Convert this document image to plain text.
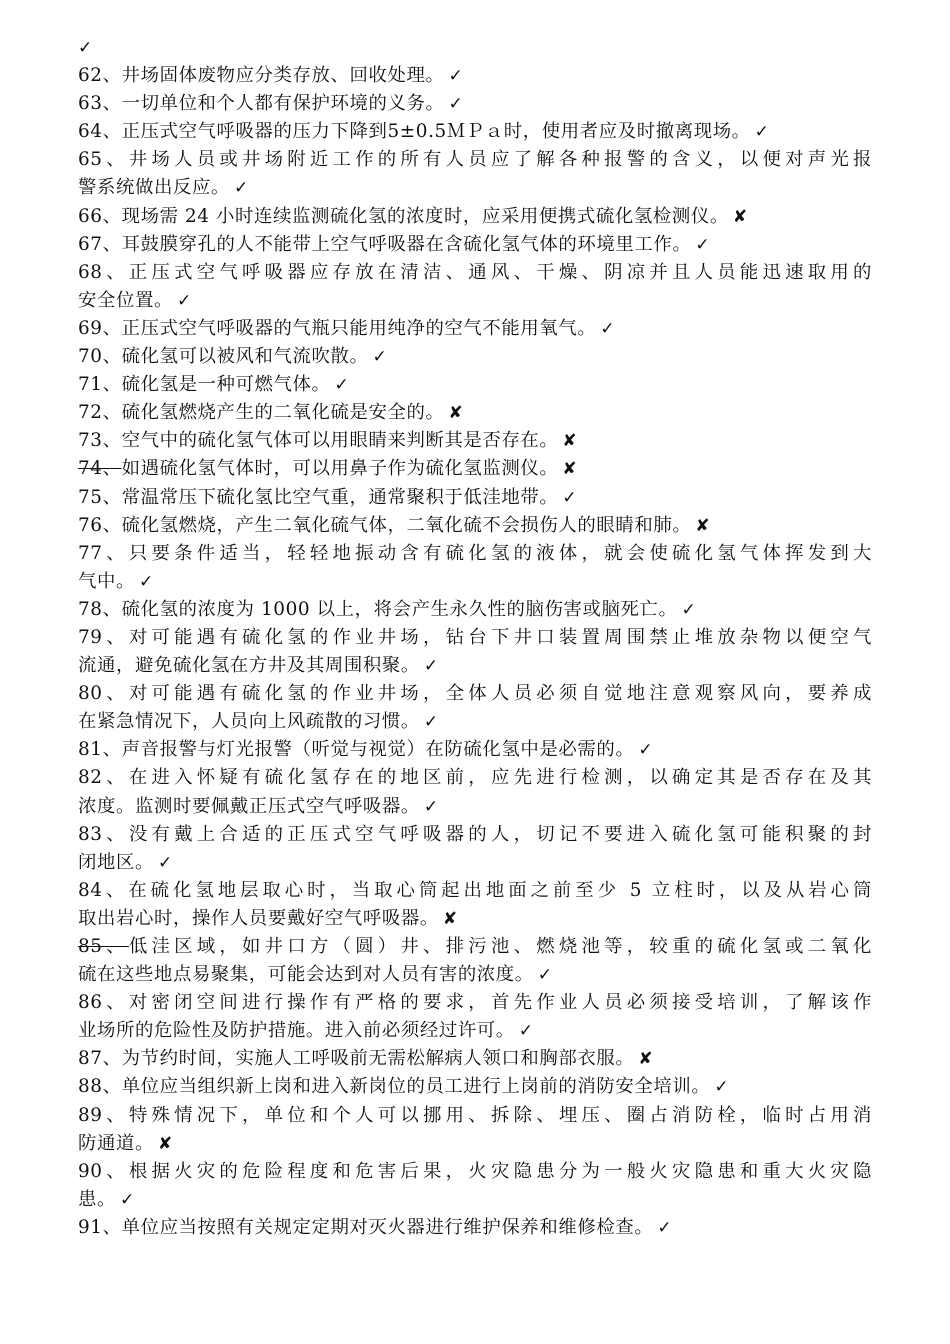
✓
62、井场固体废物应分类存放、回收处理。 ✓
63、一切单位和个人都有保护环境的义务。 ✓
64、正压式空气呼吸器的压力下降到5±0.5ＭＰａ时，使用者应及时撤离现场。 ✓
65、井场人员或井场附近工作的所有人员应了解各种报警的含义，以便对声光报
警系统做出反应。 ✓
66、现场需 24 小时连续监测硫化氢的浓度时，应采用便携式硫化氢检测仪。 ✘
67、耳鼓膜穿孔的人不能带上空气呼吸器在含硫化氢气体的环境里工作。 ✓
68、正压式空气呼吸器应存放在清洁、通风、干燥、阴凉并且人员能迅速取用的
安全位置。 ✓
69、正压式空气呼吸器的气瓶只能用纯净的空气不能用氧气。 ✓
70、硫化氢可以被风和气流吹散。 ✓
71、硫化氢是一种可燃气体。 ✓
72、硫化氢燃烧产生的二氧化硫是安全的。 ✘
73、空气中的硫化氢气体可以用眼睛来判断其是否存在。 ✘
74、如遇硫化氢气体时，可以用鼻子作为硫化氢监测仪。 ✘
75、常温常压下硫化氢比空气重，通常聚积于低洼地带。 ✓
76、硫化氢燃烧，产生二氧化硫气体，二氧化硫不会损伤人的眼睛和肺。 ✘
77、只要条件适当，轻轻地振动含有硫化氢的液体，就会使硫化氢气体挥发到大
气中。 ✓
78、硫化氢的浓度为 1000 以上，将会产生永久性的脑伤害或脑死亡。 ✓
79、对可能遇有硫化氢的作业井场，钻台下井口装置周围禁止堆放杂物以便空气
流通，避免硫化氢在方井及其周围积聚。 ✓
80、对可能遇有硫化氢的作业井场，全体人员必须自觉地注意观察风向，要养成
在紧急情况下，人员向上风疏散的习惯。 ✓
81、声音报警与灯光报警（听觉与视觉）在防硫化氢中是必需的。 ✓
82、在进入怀疑有硫化氢存在的地区前，应先进行检测，以确定其是否存在及其
浓度。监测时要佩戴正压式空气呼吸器。 ✓
83、没有戴上合适的正压式空气呼吸器的人，切记不要进入硫化氢可能积聚的封
闭地区。 ✓
84、在硫化氢地层取心时，当取心筒起出地面之前至少 5 立柱时，以及从岩心筒
取出岩心时，操作人员要戴好空气呼吸器。 ✘
85、低洼区域，如井口方（圆）井、排污池、燃烧池等，较重的硫化氢或二氧化
硫在这些地点易聚集，可能会达到对人员有害的浓度。 ✓
86、对密闭空间进行操作有严格的要求，首先作业人员必须接受培训，了解该作
业场所的危险性及防护措施。进入前必须经过许可。 ✓
87、为节约时间，实施人工呼吸前无需松解病人领口和胸部衣服。 ✘
88、单位应当组织新上岗和进入新岗位的员工进行上岗前的消防安全培训。 ✓
89、特殊情况下，单位和个人可以挪用、拆除、埋压、圈占消防栓，临时占用消
防通道。 ✘
90、根据火灾的危险程度和危害后果，火灾隐患分为一般火灾隐患和重大火灾隐
患。 ✓
91、单位应当按照有关规定定期对灭火器进行维护保养和维修检查。 ✓
